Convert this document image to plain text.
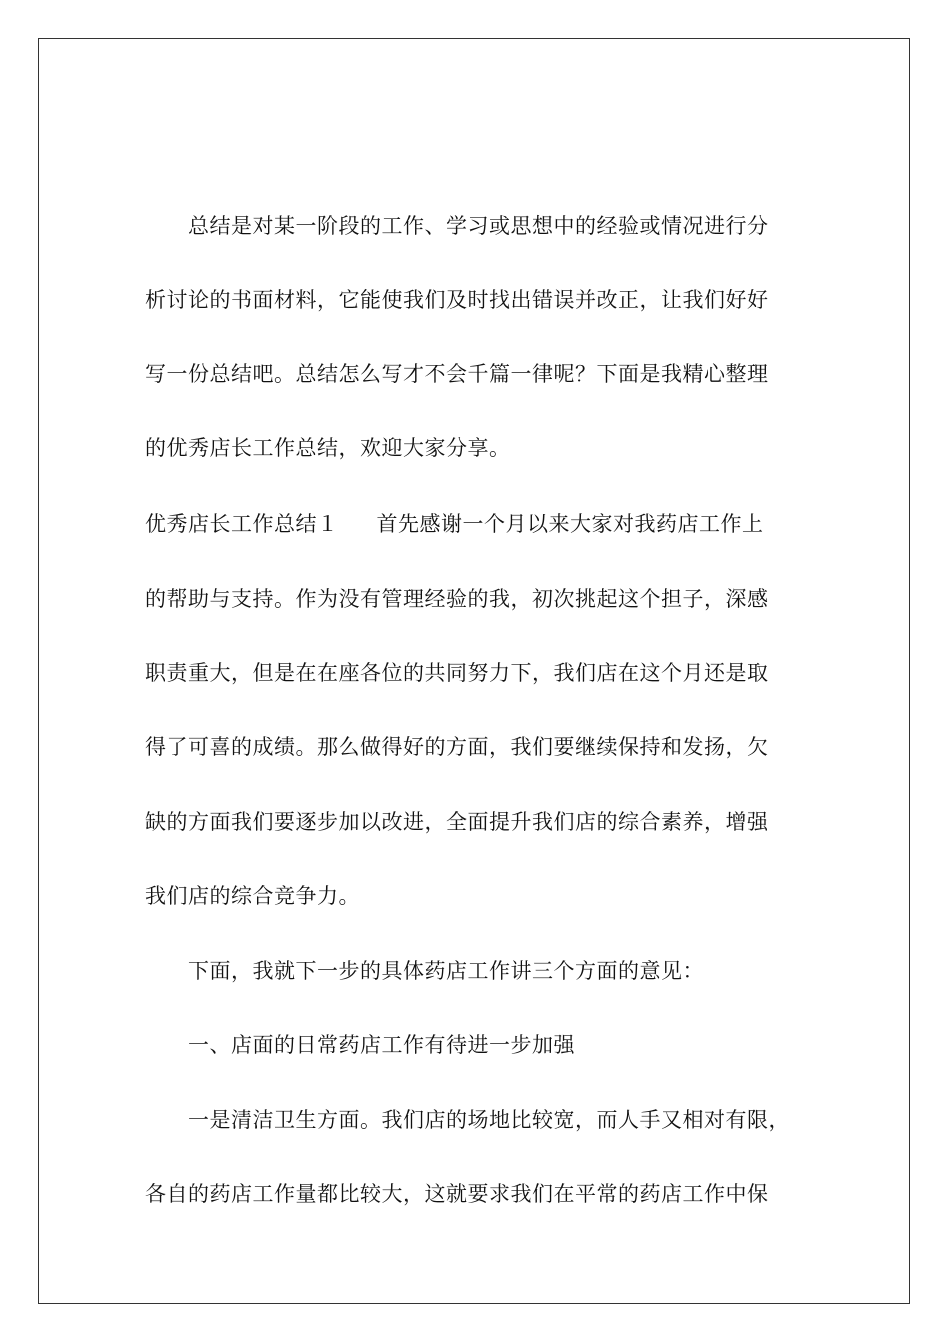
总结是对某一阶段的工作、学习或思想中的经验或情况进行分
析讨论的书面材料，它能使我们及时找出错误并改正，让我们好好
写一份总结吧。总结怎么写才不会千篇一律呢？下面是我精心整理
的优秀店长工作总结，欢迎大家分享。
优秀店长工作总结１ 首先感谢一个月以来大家对我药店工作上
的帮助与支持。作为没有管理经验的我，初次挑起这个担子，深感
职责重大，但是在在座各位的共同努力下，我们店在这个月还是取
得了可喜的成绩。那么做得好的方面，我们要继续保持和发扬，欠
缺的方面我们要逐步加以改进，全面提升我们店的综合素养，增强
我们店的综合竞争力。
下面，我就下一步的具体药店工作讲三个方面的意见：
一、店面的日常药店工作有待进一步加强
一是清洁卫生方面。我们店的场地比较宽，而人手又相对有限，
各自的药店工作量都比较大，这就要求我们在平常的药店工作中保
